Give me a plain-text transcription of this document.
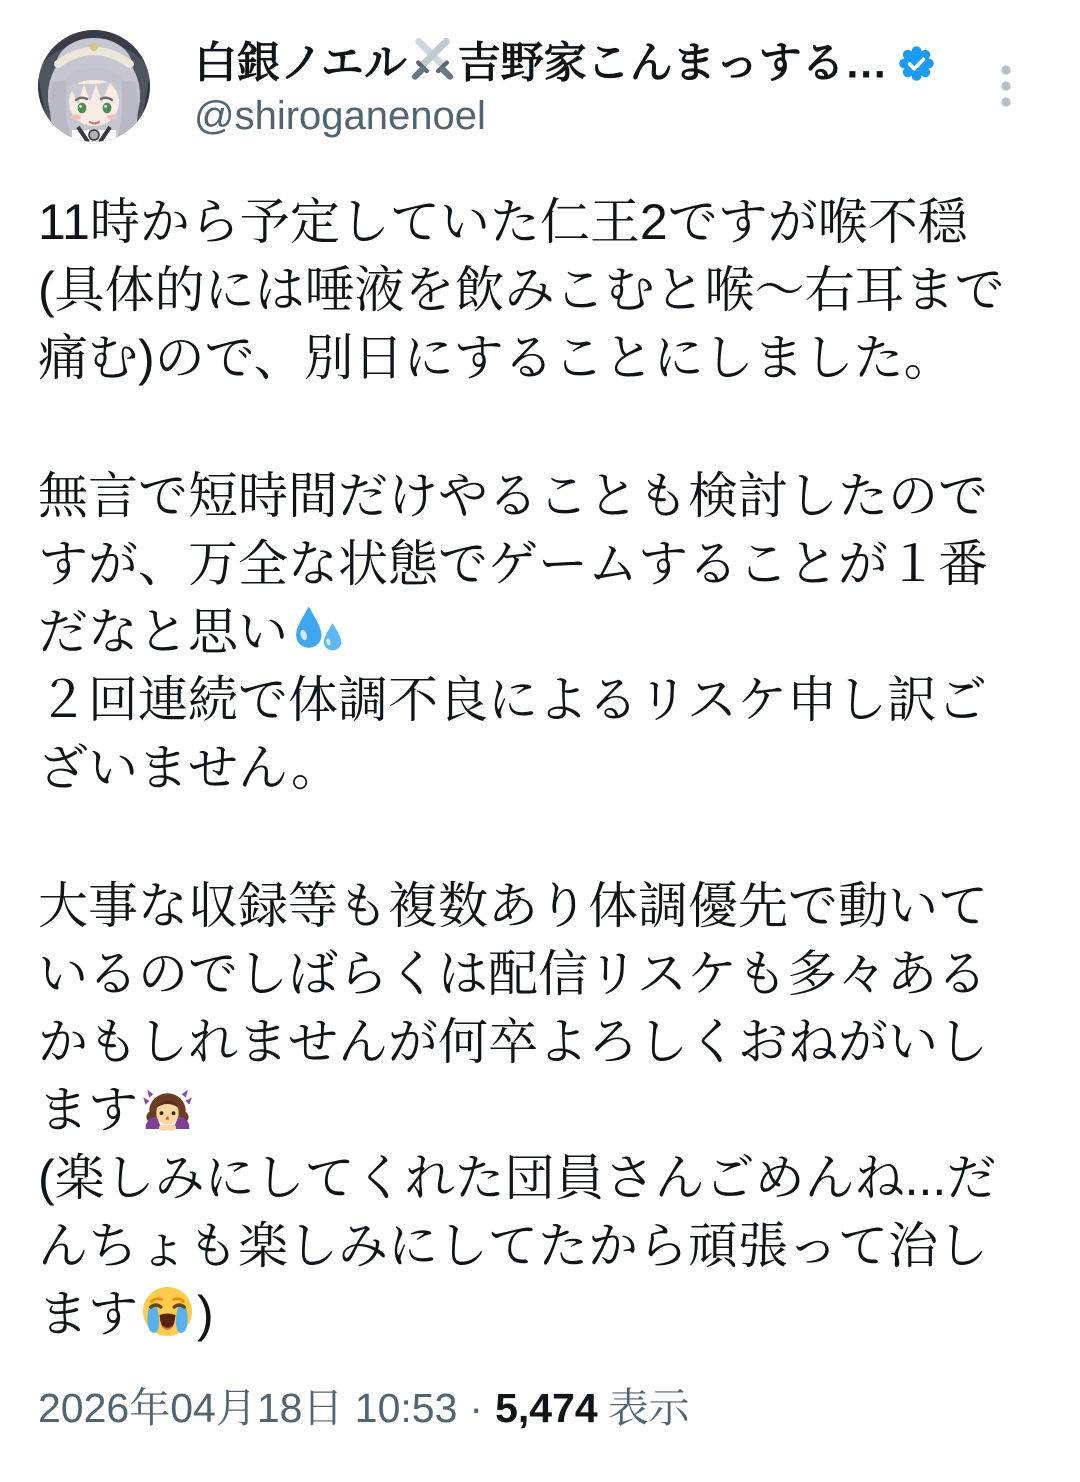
白銀ノエル 吉野家こんまっする…
@shiroganenoel
11時から予定していた仁王2ですが喉不穏
(具体的には唾液を飲みこむと喉〜右耳まで
痛む)ので、別日にすることにしました。
無言で短時間だけやることも検討したので
すが、万全な状態でゲームすることが１番
だなと思い
２回連続で体調不良によるリスケ申し訳ご
ざいません。
大事な収録等も複数あり体調優先で動いて
いるのでしばらくは配信リスケも多々ある
かもしれませんが何卒よろしくおねがいし
ます
(楽しみにしてくれた団員さんごめんね...だ
んちょも楽しみにしてたから頑張って治し
ます )
2026年04月18日 10:53 · 5,474 表示
